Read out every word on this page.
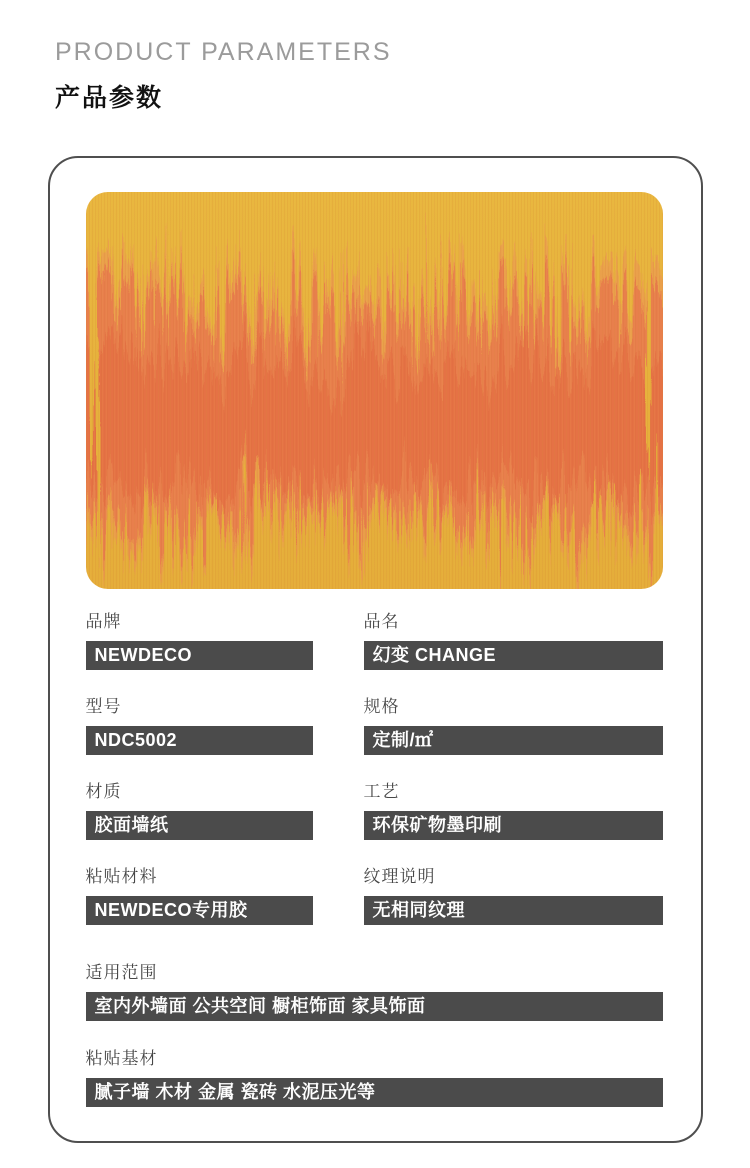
PRODUCT PARAMETERS
产品参数
品牌
NEWDECO
品名
幻变 CHANGE
型号
NDC5002
规格
定制/㎡
材质
胶面墙纸
工艺
环保矿物墨印刷
粘贴材料
NEWDECO专用胶
纹理说明
无相同纹理
适用范围
室内外墙面 公共空间 橱柜饰面 家具饰面
粘贴基材
腻子墙 木材 金属 瓷砖 水泥压光等
